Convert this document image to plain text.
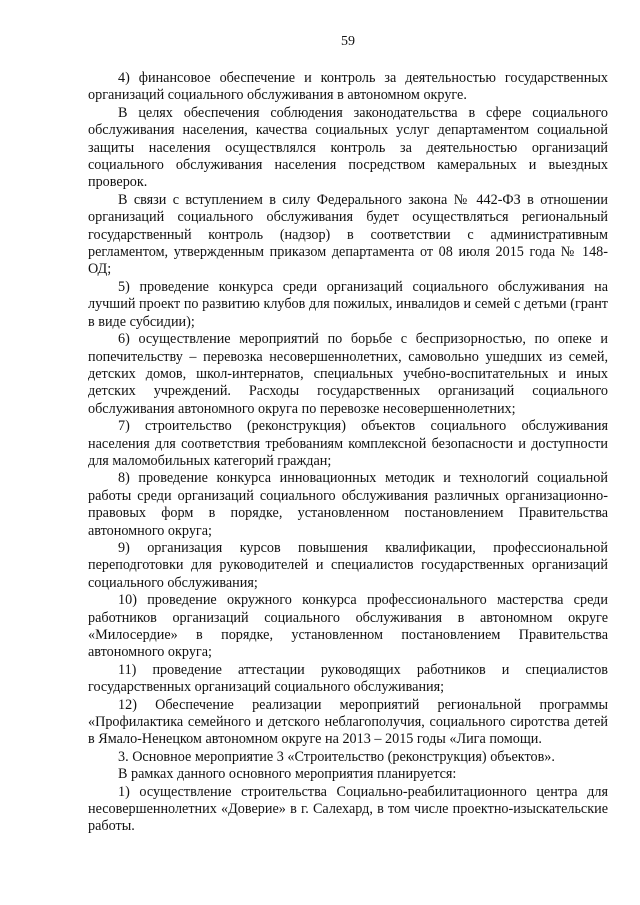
59

4) финансовое обеспечение и контроль за деятельностью государственных организаций социального обслуживания в автономном округе.

В целях обеспечения соблюдения законодательства в сфере социального обслуживания населения, качества социальных услуг департаментом социальной защиты населения осуществлялся контроль за деятельностью организаций социального обслуживания населения посредством камеральных и выездных проверок.

В связи с вступлением в силу Федерального закона № 442-ФЗ в отношении организаций социального обслуживания будет осуществляться региональный государственный контроль (надзор) в соответствии с административным регламентом, утвержденным приказом департамента от 08 июля 2015 года № 148-ОД;

5) проведение конкурса среди организаций социального обслуживания на лучший проект по развитию клубов для пожилых, инвалидов и семей с детьми (грант в виде субсидии);

6) осуществление мероприятий по борьбе с беспризорностью, по опеке и попечительству – перевозка несовершеннолетних, самовольно ушедших из семей, детских домов, школ-интернатов, специальных учебно-воспитательных и иных детских учреждений. Расходы государственных организаций социального обслуживания автономного округа по перевозке несовершеннолетних;

7) строительство (реконструкция) объектов социального обслуживания населения для соответствия требованиям комплексной безопасности и доступности для маломобильных категорий граждан;

8) проведение конкурса инновационных методик и технологий социальной работы среди организаций социального обслуживания различных организационно-правовых форм в порядке, установленном постановлением Правительства автономного округа;

9) организация курсов повышения квалификации, профессиональной переподготовки для руководителей и специалистов государственных организаций социального обслуживания;

10) проведение окружного конкурса профессионального мастерства среди работников организаций социального обслуживания в автономном округе «Милосердие» в порядке, установленном постановлением Правительства автономного округа;

11) проведение аттестации руководящих работников и специалистов государственных организаций социального обслуживания;

12) Обеспечение реализации мероприятий региональной программы «Профилактика семейного и детского неблагополучия, социального сиротства детей в Ямало-Ненецком автономном округе на 2013 – 2015 годы «Лига помощи.

3. Основное мероприятие 3 «Строительство (реконструкция) объектов».

В рамках данного основного мероприятия планируется:

1) осуществление строительства Социально-реабилитационного центра для несовершеннолетних «Доверие» в г. Салехард, в том числе проектно-изыскательские работы.
